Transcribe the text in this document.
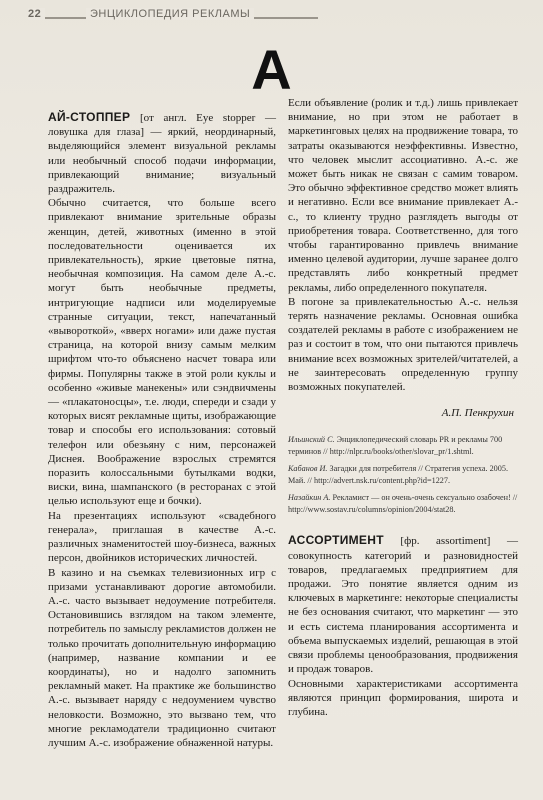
22	ЭНЦИКЛОПЕДИЯ РЕКЛАМЫ
A

АЙ-СТОППЕР [от англ. Eye stopper — ловушка для глаза] — яркий, неординарный, выделяющийся элемент визуальной рекламы или необычный способ подачи информации, привлекающий внимание; визуальный раздражитель.

Обычно считается, что больше всего привлекают внимание зрительные образы женщин, детей, животных (именно в этой последовательности оценивается их привлекательность), яркие цветовые пятна, необычная композиция. На самом деле А.-с. могут быть необычные предметы, интригующие надписи или моделируемые странные ситуации, текст, напечатанный «вывороткой», «вверх ногами» или даже пустая страница, на которой внизу самым мелким шрифтом что-то объяснено насчет товара или фирмы. Популярны также в этой роли куклы и особенно «живые манекены» или сэндвичмены — «плакатоносцы», т.е. люди, спереди и сзади у которых висят рекламные щиты, изображающие товар и способы его использования: сотовый телефон или обезьяну с ним, персонажей Диснея. Воображение взрослых стремятся поразить колоссальными бутылками водки, виски, вина, шампанского (в ресторанах с этой целью используют еще и бочки).

На презентациях используют «свадебного генерала», приглашая в качестве А.-с. различных знаменитостей шоу-бизнеса, важных персон, двойников исторических личностей.

В казино и на съемках телевизионных игр с призами устанавливают дорогие автомобили. А.-с. часто вызывает недоумение потребителя. Остановившись взглядом на таком элементе, потребитель по замыслу рекламистов должен не только прочитать дополнительную информацию (например, название компании и ее координаты), но и надолго запомнить рекламный макет. На практике же большинство А.-с. вызывает наряду с недоумением чувство неловкости. Возможно, это вызвано тем, что многие рекламодатели традиционно считают лучшим А.-с. изображение обнаженной натуры.

Если объявление (ролик и т.д.) лишь привлекает внимание, но при этом не работает в маркетинговых целях на продвижение товара, то затраты оказываются неэффективны. Известно, что человек мыслит ассоциативно. А.-с. же может быть никак не связан с самим товаром. Это обычно эффективное средство может влиять и негативно. Если все внимание привлекает А.-с., то клиенту трудно разглядеть выгоды от приобретения товара. Соответственно, для того чтобы гарантированно привлечь внимание именно целевой аудитории, лучше заранее долго представлять либо конкретный предмет рекламы, либо определенного покупателя.

В погоне за привлекательностью А.-с. нельзя терять назначение рекламы. Основная ошибка создателей рекламы в работе с изображением не раз и состоит в том, что они пытаются привлечь внимание всех возможных зрителей/читателей, а не заинтересовать определенную группу возможных покупателей.

А.П. Пенкрухин

Ильинский С. Энциклопедический словарь PR и рекламы 700 терминов // http://nlpr.ru/books/other/slovar_pr/1.shtml.

Кабанов И. Загадки для потребителя // Стратегия успеха. 2005. Май. // http://advert.nsk.ru/content.php?id=1227.

Назайкин А. Рекламист — он очень-очень сексуально озабочен! // http://www.sostav.ru/columns/opinion/2004/stat28.

АССОРТИМЕНТ [фр. assortiment] — совокупность категорий и разновидностей товаров, предлагаемых предприятием для продажи. Это понятие является одним из ключевых в маркетинге: некоторые специалисты не без основания считают, что маркетинг — это и есть система планирования ассортимента и объема выпускаемых изделий, решающая в этой связи проблемы ценообразования, продвижения и продаж товаров.

Основными характеристиками ассортимента являются принцип формирования, широта и глубина.
